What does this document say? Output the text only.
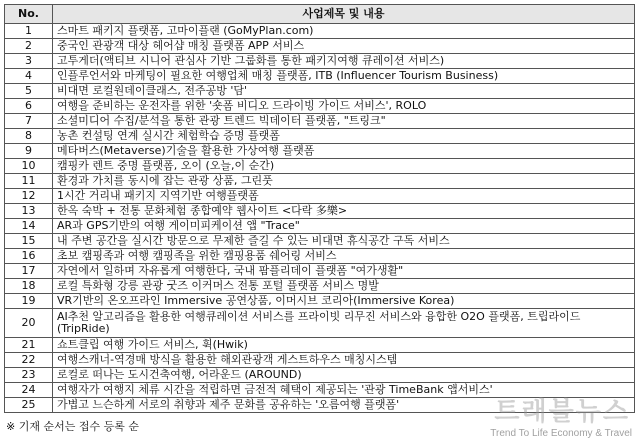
No.	사업제목 및 내용
1	스마트 패키지 플랫폼, 고마이플랜 (GoMyPlan.com)
2	중국인 관광객 대상 헤어샵 매칭 플랫폼 APP 서비스
3	고투게더(액티브 시니어 관심사 기반 그룹화를 통한 패키지여행 큐레이션 서비스)
4	인플루언서와 마케팅이 필요한 여행업체 매칭 플랫폼, ITB (Influencer Tourism Business)
5	비대면 로컬원데이클래스, 전주공방 '담'
6	여행을 준비하는 운전자를 위한 '숏폼 비디오 드라이빙 가이드 서비스', ROLO
7	소셜미디어 수집/분석을 통한 관광 트렌드 빅데이터 플랫폼, "트링크"
8	농촌 컨설팅 연계 실시간 체험학습 증명 플랫폼
9	메타버스(Metaverse)기술을 활용한 가상여행 플랫폼
10	캠핑카 렌트 중명 플랫폼, 오이 (오늘,이 순간)
11	환경과 가치를 동시에 잡는 관광 상품, 그린풋
12	1시간 거리내 패키지 지역기반 여행플랫폼
13	한옥 숙박 + 전통 문화체험 종합예약 웹사이트 <다락 多樂>
14	AR과 GPS기반의 여행 게이미피케이션 앱 "Trace"
15	내 주변 공간을 실시간 방문으로 무제한 즐길 수 있는 비대면 휴식공간 구독 서비스
16	초보 캠핑족과 여행 캠핑족을 위한 캠핑용품 쉐어링 서비스
17	자연에서 일하며 자유롭게 여행한다, 국내 팜플리데이 플랫폼 "여가생활"
18	로컬 특화형 강릉 관광 굿즈 이커머스 전통 포털 플랫폼 서비스 명발
19	VR기반의 온오프라인 Immersive 공연상품, 이머시브 코리아(Immersive Korea)
20	AI추천 알고리즘을 활용한 여행큐레이션 서비스를 프라이빗 리무진 서비스와 융합한 O2O 플랫폼, 트립라이드(TripRide)
21	쇼트클립 여행 가이드 서비스, 휙(Hwik)
22	여행스캐너-역경매 방식을 활용한 해외관광객 게스트하우스 매칭시스템
23	로컬로 떠나는 도시건축여행, 어라운드 (AROUND)
24	여행자가 여행지 체류 시간을 적립하면 금전적 혜택이 제공되는 '관광 TimeBank 앱서비스'
25	가볍고 느슨하게 서로의 취향과 제주 문화를 공유하는 '오름여행 플랫폼'
※ 기재 순서는 접수 등록 순	트래블뉴스
Trend To Life Economy & Travel
